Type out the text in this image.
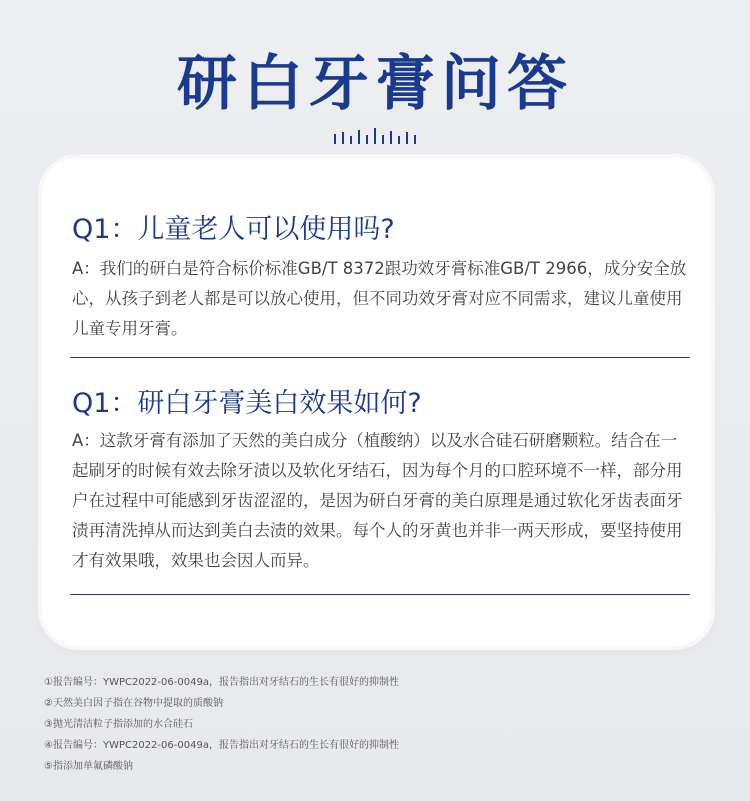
研白牙膏问答
Q1：儿童老人可以使用吗?
A：我们的研白是符合标价标准GB/T 8372跟功效牙膏标准GB/T 2966，成分安全放心，从孩子到老人都是可以放心使用，但不同功效牙膏对应不同需求，建议儿童使用儿童专用牙膏。
Q1：研白牙膏美白效果如何?
A：这款牙膏有添加了天然的美白成分（植酸纳）以及水合硅石研磨颗粒。结合在一起刷牙的时候有效去除牙渍以及软化牙结石，因为每个月的口腔环境不一样，部分用户在过程中可能感到牙齿涩涩的，是因为研白牙膏的美白原理是通过软化牙齿表面牙渍再清洗掉从而达到美白去渍的效果。每个人的牙黄也并非一两天形成，要坚持使用才有效果哦，效果也会因人而异。
①报告编号：YWPC2022-06-0049a，报告指出对牙结石的生长有很好的抑制性
②天然美白因子指在谷物中提取的质酸钠
③抛光清洁粒子指添加的水合硅石
④报告编号：YWPC2022-06-0049a，报告指出对牙结石的生长有很好的抑制性
⑤指添加单氟磷酸钠
